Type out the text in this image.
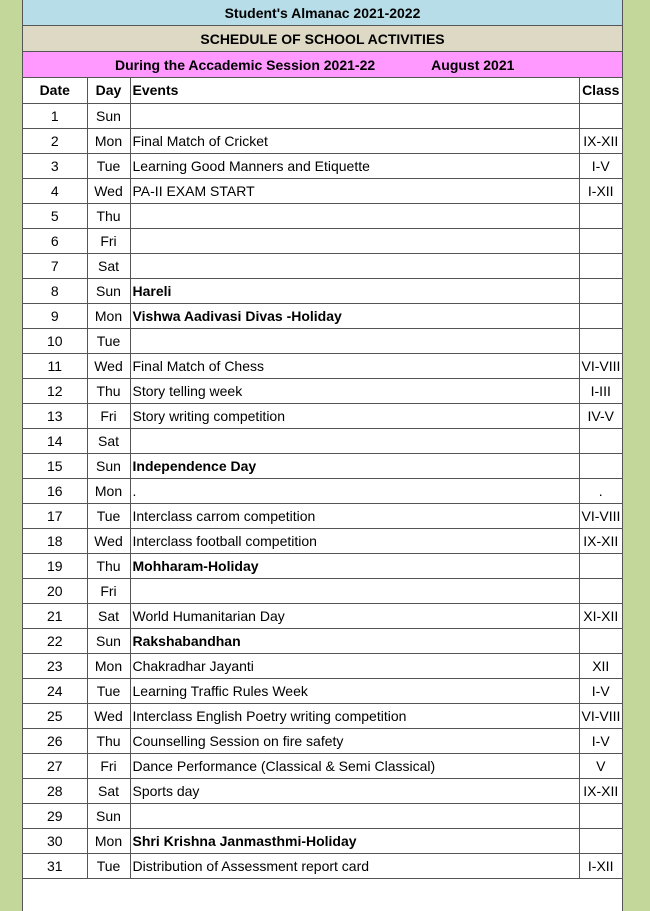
Student's Almanac 2021-2022
SCHEDULE OF SCHOOL ACTIVITIES
During the Accademic Session 2021-22	August 2021
Date	Day	Events	Class
1	Sun		
2	Mon	Final Match of Cricket	IX-XII
3	Tue	Learning Good Manners and Etiquette	I-V
4	Wed	PA-II EXAM START	I-XII
5	Thu		
6	Fri		
7	Sat		
8	Sun	Hareli	
9	Mon	Vishwa Aadivasi Divas -Holiday	
10	Tue		
11	Wed	Final Match of Chess	VI-VIII
12	Thu	Story telling week	I-III
13	Fri	Story writing competition	IV-V
14	Sat		
15	Sun	Independence Day	
16	Mon	.	.
17	Tue	Interclass carrom competition	VI-VIII
18	Wed	Interclass football competition	IX-XII
19	Thu	Mohharam-Holiday	
20	Fri		
21	Sat	World Humanitarian Day	XI-XII
22	Sun	Rakshabandhan	
23	Mon	Chakradhar Jayanti	XII
24	Tue	Learning Traffic Rules Week	I-V
25	Wed	Interclass English Poetry writing competition	VI-VIII
26	Thu	Counselling Session on fire safety	I-V
27	Fri	Dance Performance (Classical & Semi Classical)	V
28	Sat	Sports day	IX-XII
29	Sun		
30	Mon	Shri Krishna Janmasthmi-Holiday	
31	Tue	Distribution of Assessment report card	I-XII
